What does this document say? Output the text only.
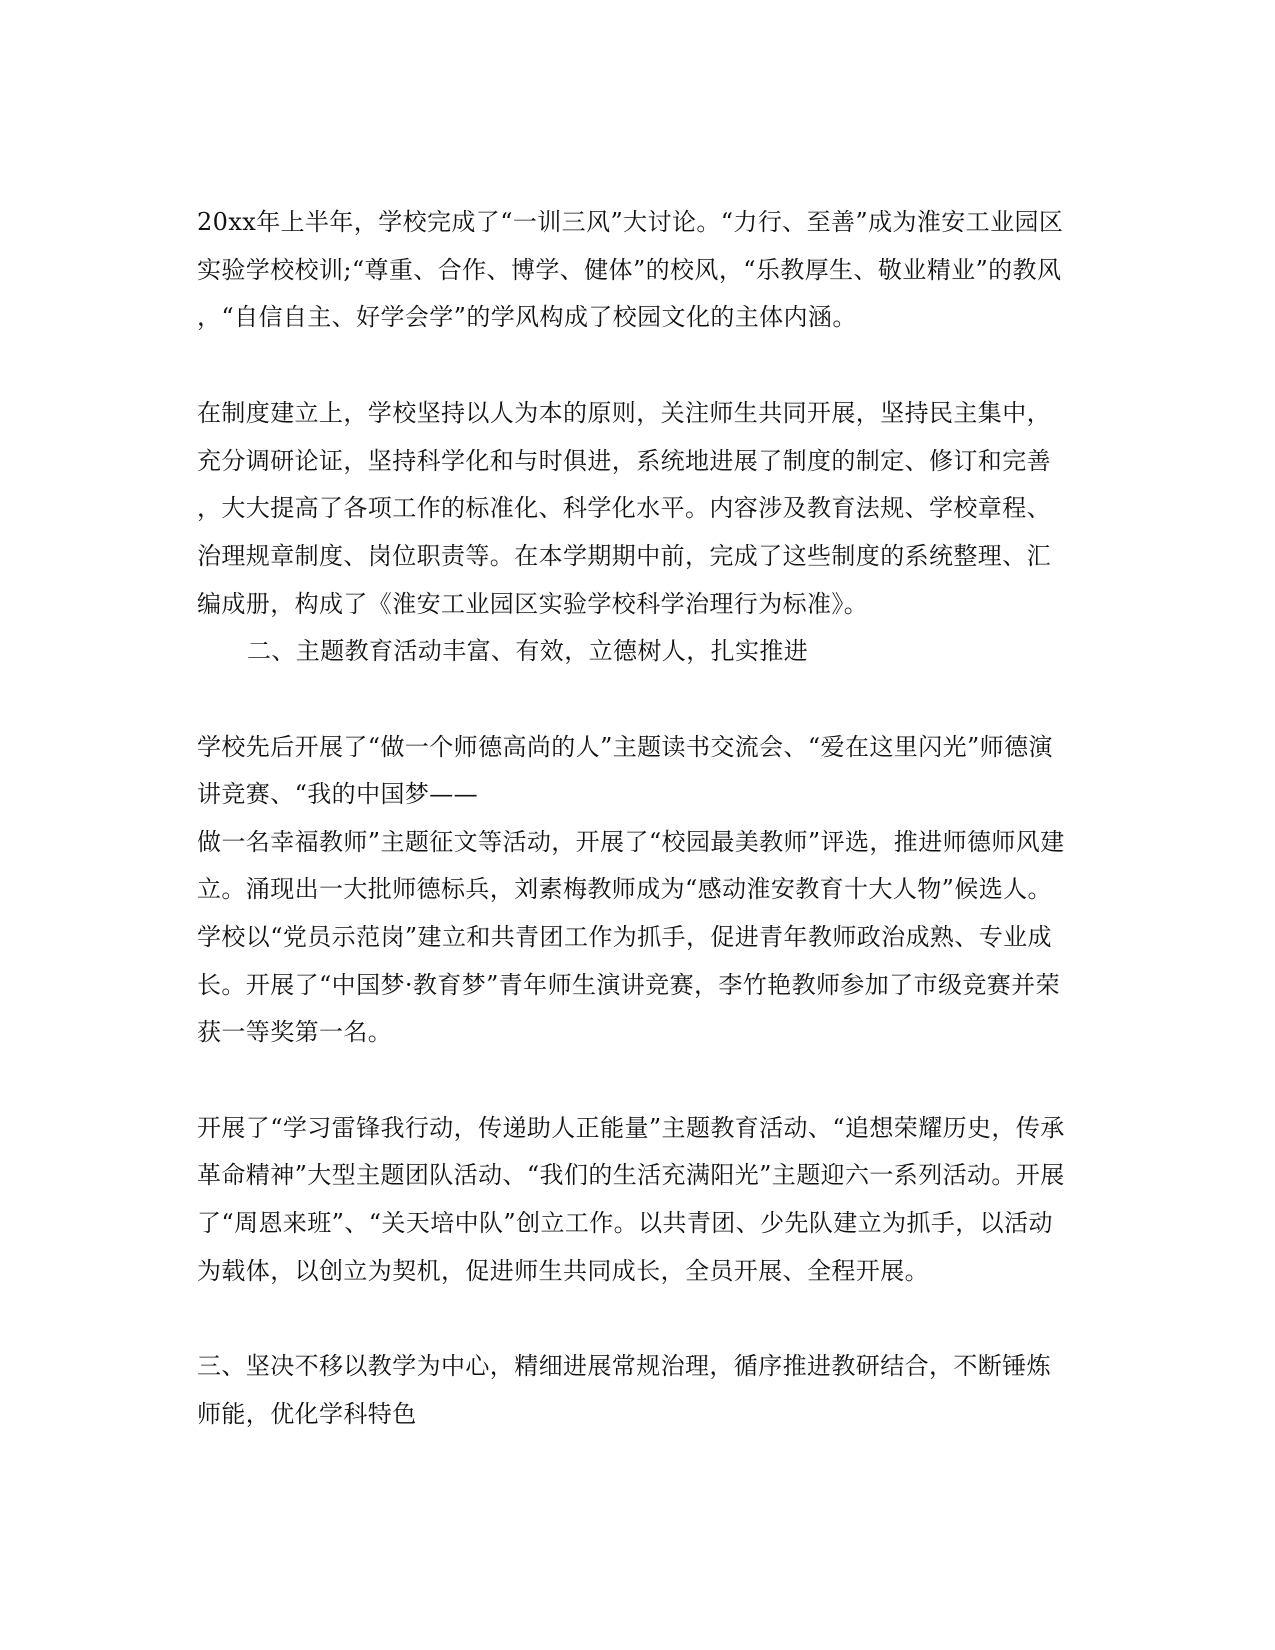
20xx年上半年，学校完成了“一训三风”大讨论。“力行、至善”成为淮安工业园区
实验学校校训;“尊重、合作、博学、健体”的校风，“乐教厚生、敬业精业”的教风
，“自信自主、好学会学”的学风构成了校园文化的主体内涵。
在制度建立上，学校坚持以人为本的原则，关注师生共同开展，坚持民主集中，
充分调研论证，坚持科学化和与时俱进，系统地进展了制度的制定、修订和完善
，大大提高了各项工作的标准化、科学化水平。内容涉及教育法规、学校章程、
治理规章制度、岗位职责等。在本学期期中前，完成了这些制度的系统整理、汇
编成册，构成了《淮安工业园区实验学校科学治理行为标准》。
二、主题教育活动丰富、有效，立德树人，扎实推进
学校先后开展了“做一个师德高尚的人”主题读书交流会、“爱在这里闪光”师德演
讲竞赛、“我的中国梦——
做一名幸福教师”主题征文等活动，开展了“校园最美教师”评选，推进师德师风建
立。涌现出一大批师德标兵，刘素梅教师成为“感动淮安教育十大人物”候选人。
学校以“党员示范岗”建立和共青团工作为抓手，促进青年教师政治成熟、专业成
长。开展了“中国梦·教育梦”青年师生演讲竞赛，李竹艳教师参加了市级竞赛并荣
获一等奖第一名。
开展了“学习雷锋我行动，传递助人正能量”主题教育活动、“追想荣耀历史，传承
革命精神”大型主题团队活动、“我们的生活充满阳光”主题迎六一系列活动。开展
了“周恩来班”、“关天培中队”创立工作。以共青团、少先队建立为抓手，以活动
为载体，以创立为契机，促进师生共同成长，全员开展、全程开展。
三、坚决不移以教学为中心，精细进展常规治理，循序推进教研结合，不断锤炼
师能，优化学科特色
